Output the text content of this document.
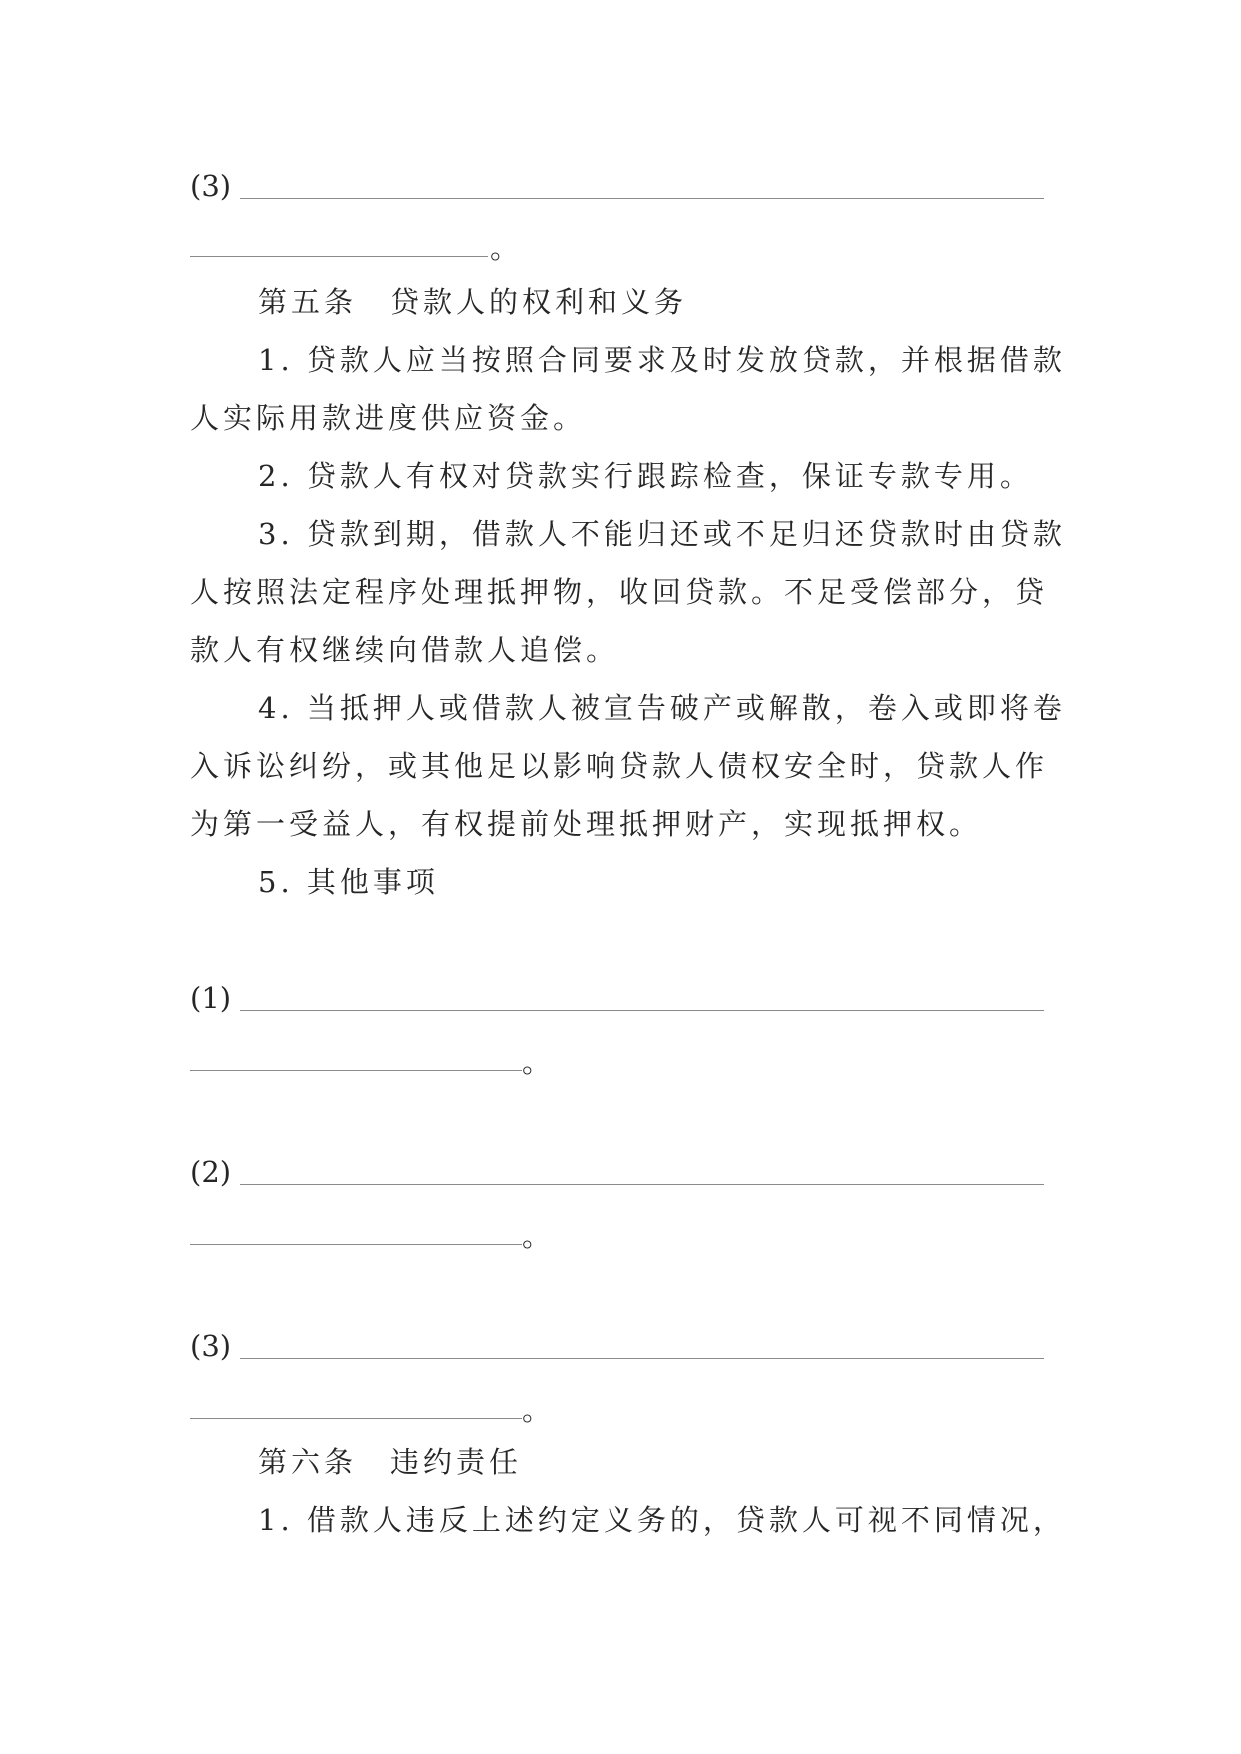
(3)
。
第五条　贷款人的权利和义务
1. 贷款人应当按照合同要求及时发放贷款，并根据借款
人实际用款进度供应资金。
2. 贷款人有权对贷款实行跟踪检查，保证专款专用。
3. 贷款到期，借款人不能归还或不足归还贷款时由贷款
人按照法定程序处理抵押物，收回贷款。不足受偿部分，贷
款人有权继续向借款人追偿。
4. 当抵押人或借款人被宣告破产或解散，卷入或即将卷
入诉讼纠纷，或其他足以影响贷款人债权安全时，贷款人作
为第一受益人，有权提前处理抵押财产，实现抵押权。
5. 其他事项
(1)
。
(2)
。
(3)
。
第六条　违约责任
1. 借款人违反上述约定义务的，贷款人可视不同情况，
